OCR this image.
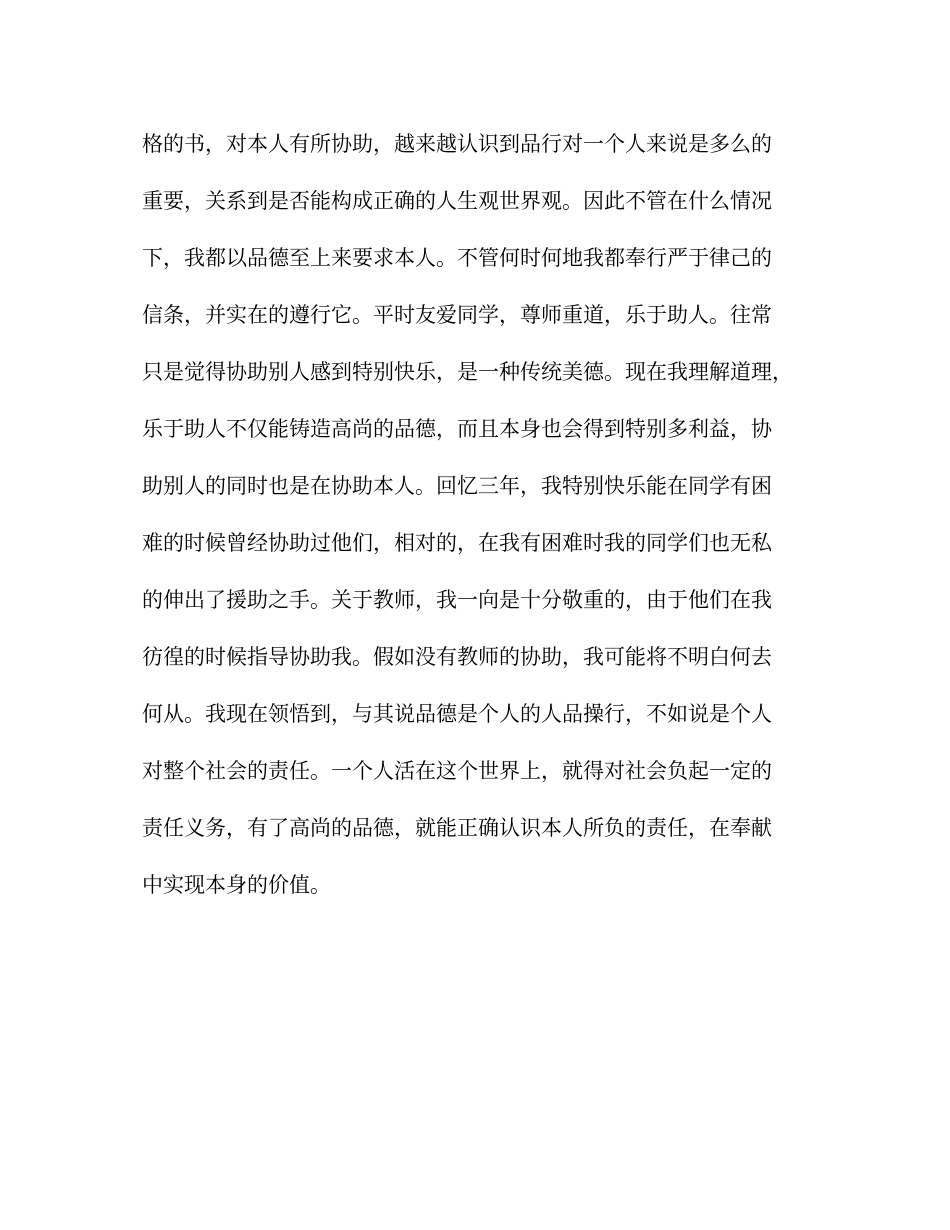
格的书，对本人有所协助，越来越认识到品行对一个人来说是多么的
重要，关系到是否能构成正确的人生观世界观。因此不管在什么情况
下，我都以品德至上来要求本人。不管何时何地我都奉行严于律己的
信条，并实在的遵行它。平时友爱同学，尊师重道，乐于助人。往常
只是觉得协助别人感到特别快乐，是一种传统美德。现在我理解道理，
乐于助人不仅能铸造高尚的品德，而且本身也会得到特别多利益，协
助别人的同时也是在协助本人。回忆三年，我特别快乐能在同学有困
难的时候曾经协助过他们，相对的，在我有困难时我的同学们也无私
的伸出了援助之手。关于教师，我一向是十分敬重的，由于他们在我
彷徨的时候指导协助我。假如没有教师的协助，我可能将不明白何去
何从。我现在领悟到，与其说品德是个人的人品操行，不如说是个人
对整个社会的责任。一个人活在这个世界上，就得对社会负起一定的
责任义务，有了高尚的品德，就能正确认识本人所负的责任，在奉献
中实现本身的价值。
